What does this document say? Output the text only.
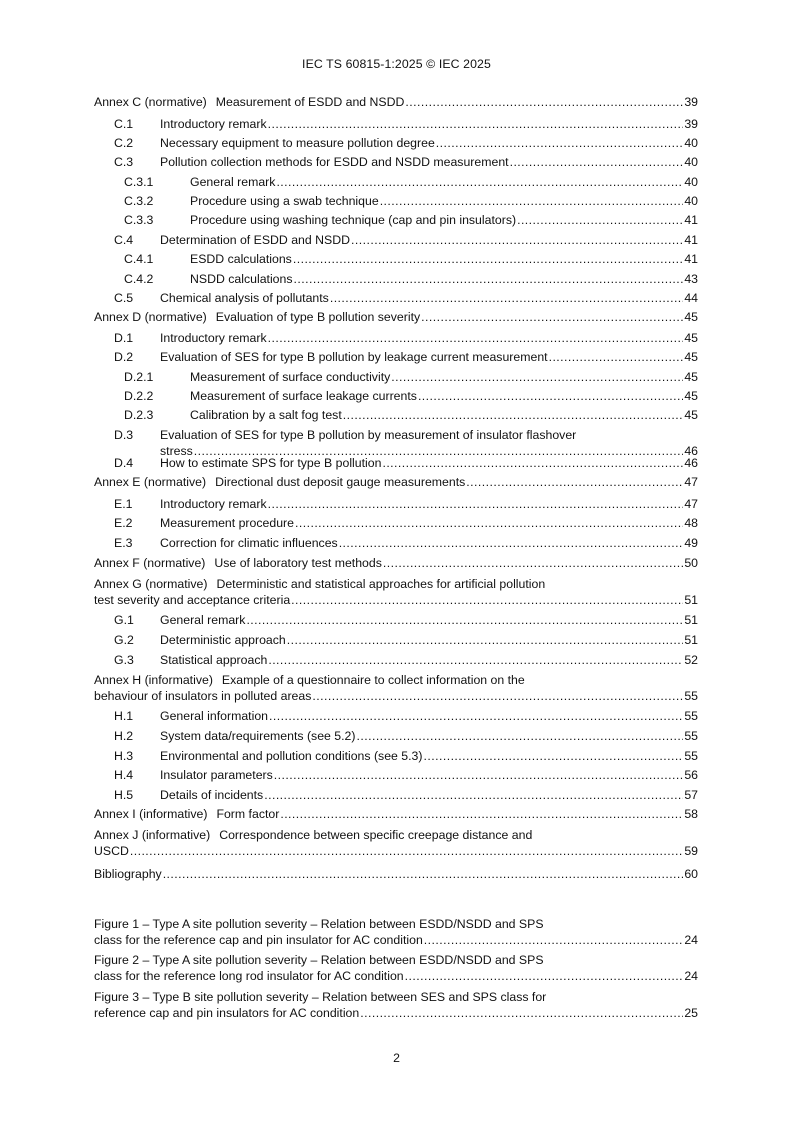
IEC TS 60815-1:2025 © IEC 2025
Annex C (normative) Measurement of ESDD and NSDD .....	39
C.1 Introductory remark .....	39
C.2 Necessary equipment to measure pollution degree .....	40
C.3 Pollution collection methods for ESDD and NSDD measurement .....	40
C.3.1	General remark .....	40
C.3.2	Procedure using a swab technique .....	40
C.3.3	Procedure using washing technique (cap and pin insulators) .....	41
C.4 Determination of ESDD and NSDD .....	41
C.4.1	ESDD calculations .....	41
C.4.2	NSDD calculations .....	43
C.5 Chemical analysis of pollutants .....	44
Annex D (normative) Evaluation of type B pollution severity .....	45
D.1 Introductory remark .....	45
D.2 Evaluation of SES for type B pollution by leakage current measurement .....	45
D.2.1	Measurement of surface conductivity .....	45
D.2.2	Measurement of surface leakage currents .....	45
D.2.3	Calibration by a salt fog test .....	45
D.3 Evaluation of SES for type B pollution by measurement of insulator flashover
stress .....	46
D.4 How to estimate SPS for type B pollution .....	46
Annex E (normative) Directional dust deposit gauge measurements .....	47
E.1 Introductory remark .....	47
E.2 Measurement procedure .....	48
E.3 Correction for climatic influences .....	49
Annex F (normative) Use of laboratory test methods .....	50
Annex G (normative) Deterministic and statistical approaches for artificial pollution
test severity and acceptance criteria .....	51
G.1 General remark .....	51
G.2 Deterministic approach .....	51
G.3 Statistical approach .....	52
Annex H (informative) Example of a questionnaire to collect information on the
behaviour of insulators in polluted areas .....	55
H.1 General information .....	55
H.2 System data/requirements (see 5.2) .....	55
H.3 Environmental and pollution conditions (see 5.3) .....	55
H.4 Insulator parameters .....	56
H.5 Details of incidents .....	57
Annex I (informative) Form factor .....	58
Annex J (informative) Correspondence between specific creepage distance and
USCD .....	59
Bibliography .....	60
Figure 1 – Type A site pollution severity – Relation between ESDD/NSDD and SPS
class for the reference cap and pin insulator for AC condition .....	24
Figure 2 – Type A site pollution severity – Relation between ESDD/NSDD and SPS
class for the reference long rod insulator for AC condition .....	24
Figure 3 – Type B site pollution severity – Relation between SES and SPS class for
reference cap and pin insulators for AC condition .....	25
2
